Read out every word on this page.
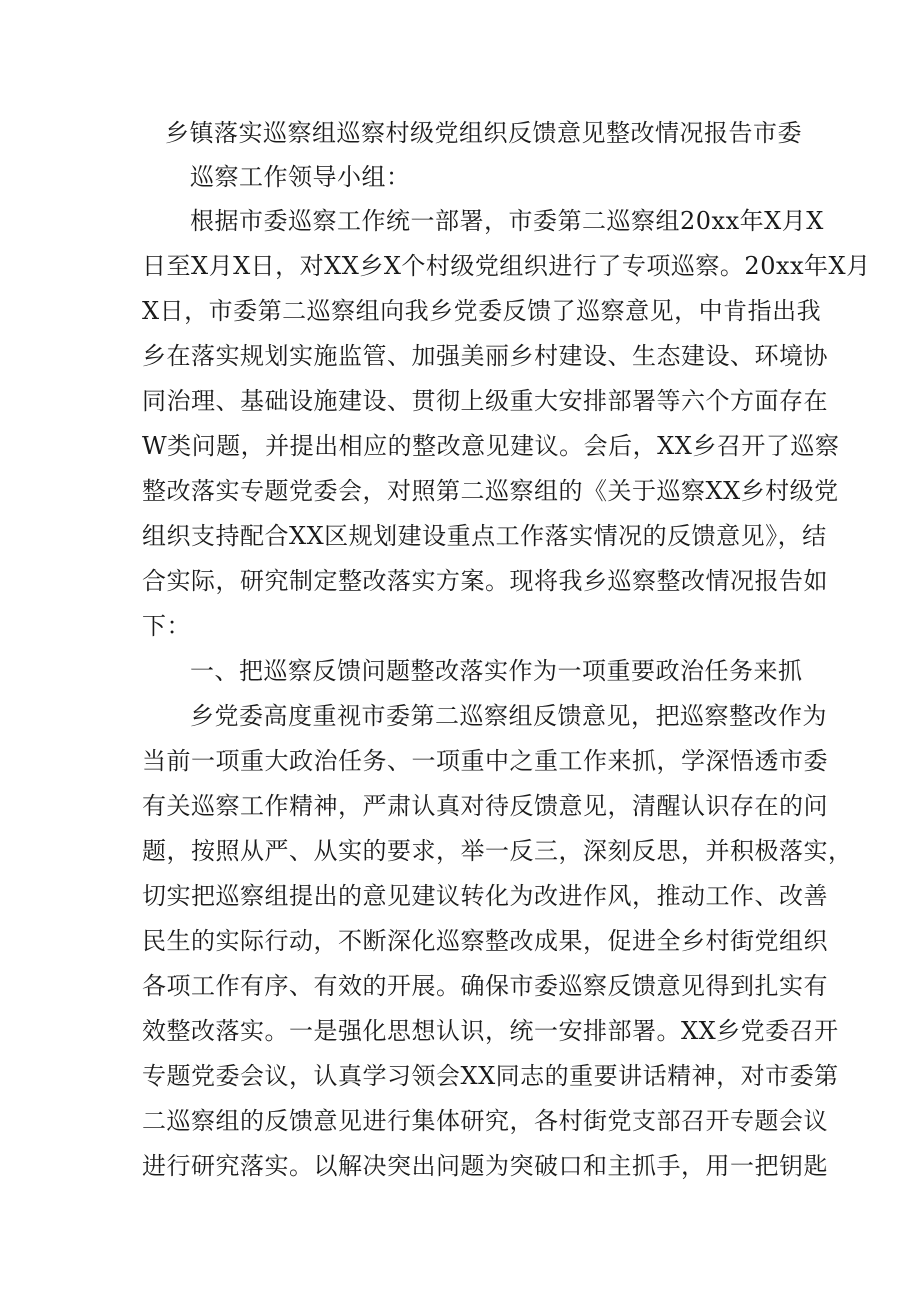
乡镇落实巡察组巡察村级党组织反馈意见整改情况报告市委
巡察工作领导小组：
根据市委巡察工作统一部署，市委第二巡察组20xx年X月X
日至X月X日，对XX乡X个村级党组织进行了专项巡察。20xx年X月
X日，市委第二巡察组向我乡党委反馈了巡察意见，中肯指出我
乡在落实规划实施监管、加强美丽乡村建设、生态建设、环境协
同治理、基础设施建设、贯彻上级重大安排部署等六个方面存在
W类问题，并提出相应的整改意见建议。会后，XX乡召开了巡察
整改落实专题党委会，对照第二巡察组的《关于巡察XX乡村级党
组织支持配合XX区规划建设重点工作落实情况的反馈意见》，结
合实际，研究制定整改落实方案。现将我乡巡察整改情况报告如
下：
一、把巡察反馈问题整改落实作为一项重要政治任务来抓
乡党委高度重视市委第二巡察组反馈意见，把巡察整改作为
当前一项重大政治任务、一项重中之重工作来抓，学深悟透市委
有关巡察工作精神，严肃认真对待反馈意见，清醒认识存在的问
题，按照从严、从实的要求，举一反三，深刻反思，并积极落实，
切实把巡察组提出的意见建议转化为改进作风，推动工作、改善
民生的实际行动，不断深化巡察整改成果，促进全乡村街党组织
各项工作有序、有效的开展。确保市委巡察反馈意见得到扎实有
效整改落实。一是强化思想认识，统一安排部署。XX乡党委召开
专题党委会议，认真学习领会XX同志的重要讲话精神，对市委第
二巡察组的反馈意见进行集体研究，各村街党支部召开专题会议
进行研究落实。以解决突出问题为突破口和主抓手，用一把钥匙
